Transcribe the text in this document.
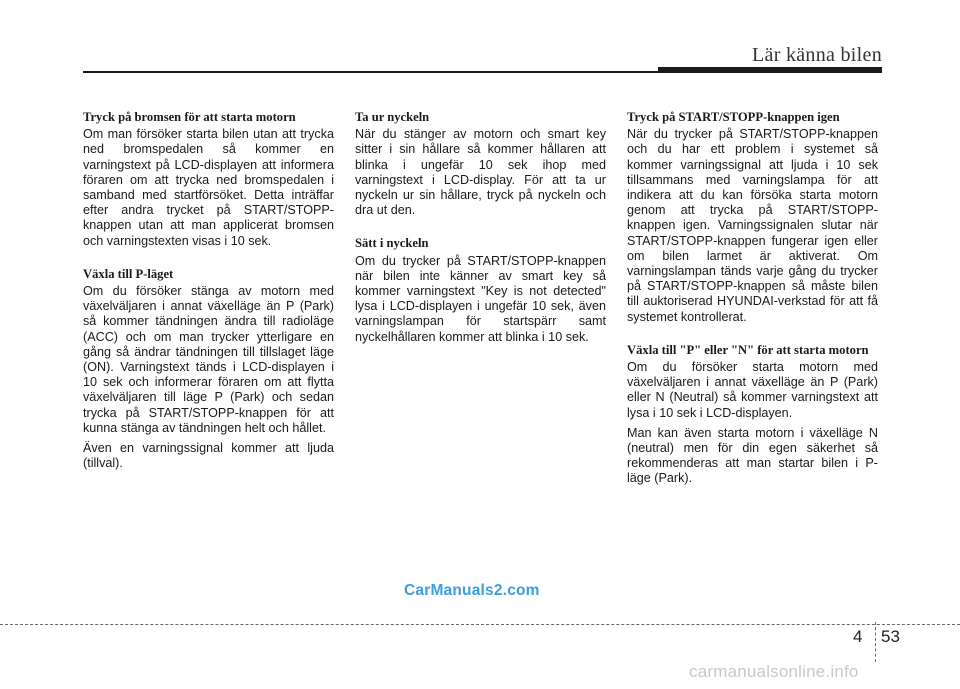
Lär känna bilen
Tryck på bromsen för att starta motorn

Om man försöker starta bilen utan att trycka ned bromspedalen så kommer en varningstext på LCD-displayen att informera föraren om att trycka ned bromspedalen i samband med startförsöket. Detta inträffar efter andra trycket på START/STOPP-knappen utan att man applicerat bromsen och varningstexten visas i 10 sek.

Växla till P-läget

Om du försöker stänga av motorn med växelväljaren i annat växelläge än P (Park) så kommer tändningen ändra till radioläge (ACC) och om man trycker ytterligare en gång så ändrar tändningen till tillslaget läge (ON). Varningstext tänds i LCD-displayen i 10 sek och informerar föraren om att flytta växelväljaren till läge P (Park) och sedan trycka på START/STOPP-knappen för att kunna stänga av tändningen helt och hållet.

Även en varningssignal kommer att ljuda (tillval).

Ta ur nyckeln

När du stänger av motorn och smart key sitter i sin hållare så kommer hållaren att blinka i ungefär 10 sek ihop med varningstext i LCD-display. För att ta ur nyckeln ur sin hållare, tryck på nyckeln och dra ut den.

Sätt i nyckeln

Om du trycker på START/STOPP-knappen när bilen inte känner av smart key så kommer varningstext "Key is not detected" lysa i LCD-displayen i ungefär 10 sek, även varningslampan för startspärr samt nyckelhållaren kommer att blinka i 10 sek.

Tryck på START/STOPP-knappen igen

När du trycker på START/STOPP-knappen och du har ett problem i systemet så kommer varningssignal att ljuda i 10 sek tillsammans med varningslampa för att indikera att du kan försöka starta motorn genom att trycka på START/STOPP-knappen igen. Varningssignalen slutar när START/STOPP-knappen fungerar igen eller om bilen larmet är aktiverat. Om varningslampan tänds varje gång du trycker på START/STOPP-knappen så måste bilen till auktoriserad HYUNDAI-verkstad för att få systemet kontrollerat.

Växla till "P" eller "N" för att starta motorn

Om du försöker starta motorn med växelväljaren i annat växelläge än P (Park) eller N (Neutral) så kommer varningstext att lysa i 10 sek i LCD-displayen.

Man kan även starta motorn i växelläge N (neutral) men för din egen säkerhet så rekommenderas att man startar bilen i P-läge (Park).

CarManuals2.com
4 53
carmanualsonline.info
